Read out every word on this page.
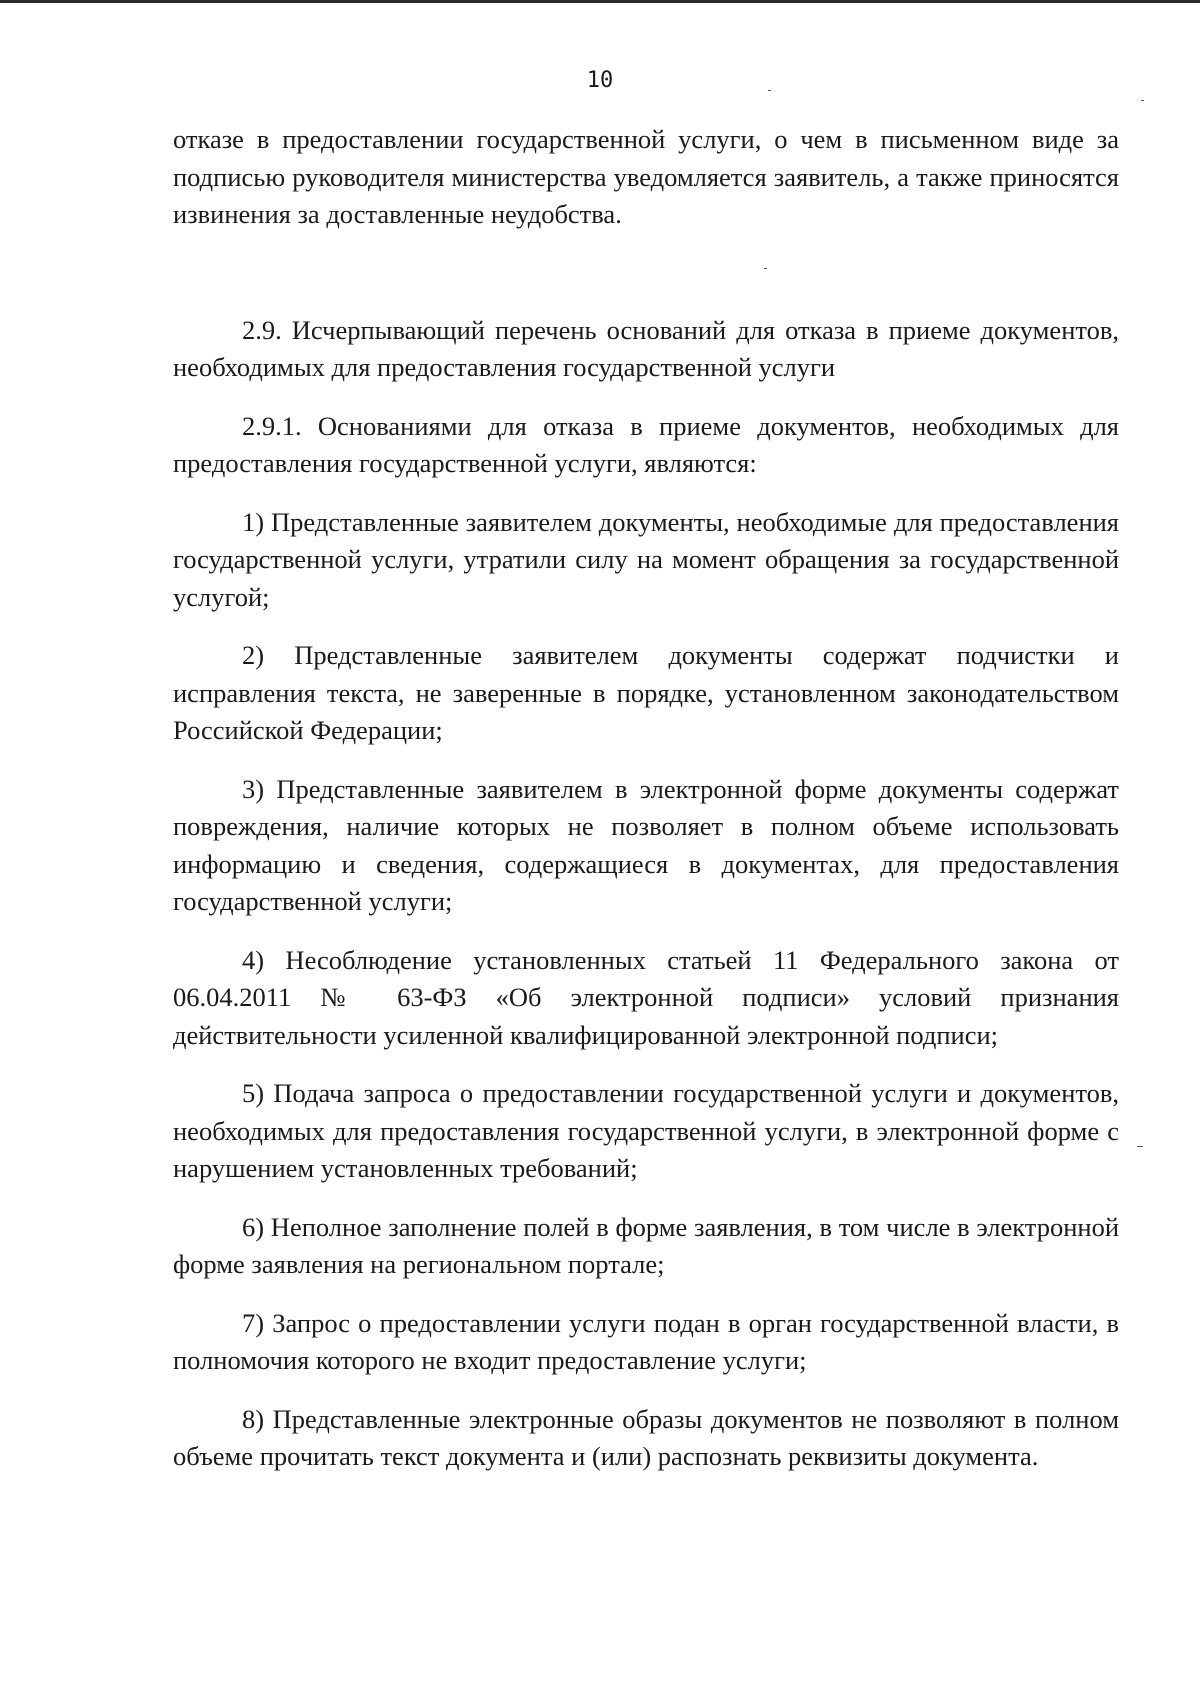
10

отказе в предоставлении государственной услуги, о чем в письменном виде за подписью руководителя министерства уведомляется заявитель, а также приносятся извинения за доставленные неудобства.

2.9. Исчерпывающий перечень оснований для отказа в приеме документов, необходимых для предоставления государственной услуги

2.9.1. Основаниями для отказа в приеме документов, необходимых для предоставления государственной услуги, являются:

1) Представленные заявителем документы, необходимые для предоставления государственной услуги, утратили силу на момент обращения за государственной услугой;

2) Представленные заявителем документы содержат подчистки и исправления текста, не заверенные в порядке, установленном законодательством Российской Федерации;

3) Представленные заявителем в электронной форме документы содержат повреждения, наличие которых не позволяет в полном объеме использовать информацию и сведения, содержащиеся в документах, для предоставления государственной услуги;

4) Несоблюдение установленных статьей 11 Федерального закона от 06.04.2011 № 63-ФЗ «Об электронной подписи» условий признания действительности усиленной квалифицированной электронной подписи;

5) Подача запроса о предоставлении государственной услуги и документов, необходимых для предоставления государственной услуги, в электронной форме с нарушением установленных требований;

6) Неполное заполнение полей в форме заявления, в том числе в электронной форме заявления на региональном портале;

7) Запрос о предоставлении услуги подан в орган государственной власти, в полномочия которого не входит предоставление услуги;

8) Представленные электронные образы документов не позволяют в полном объеме прочитать текст документа и (или) распознать реквизиты документа.
